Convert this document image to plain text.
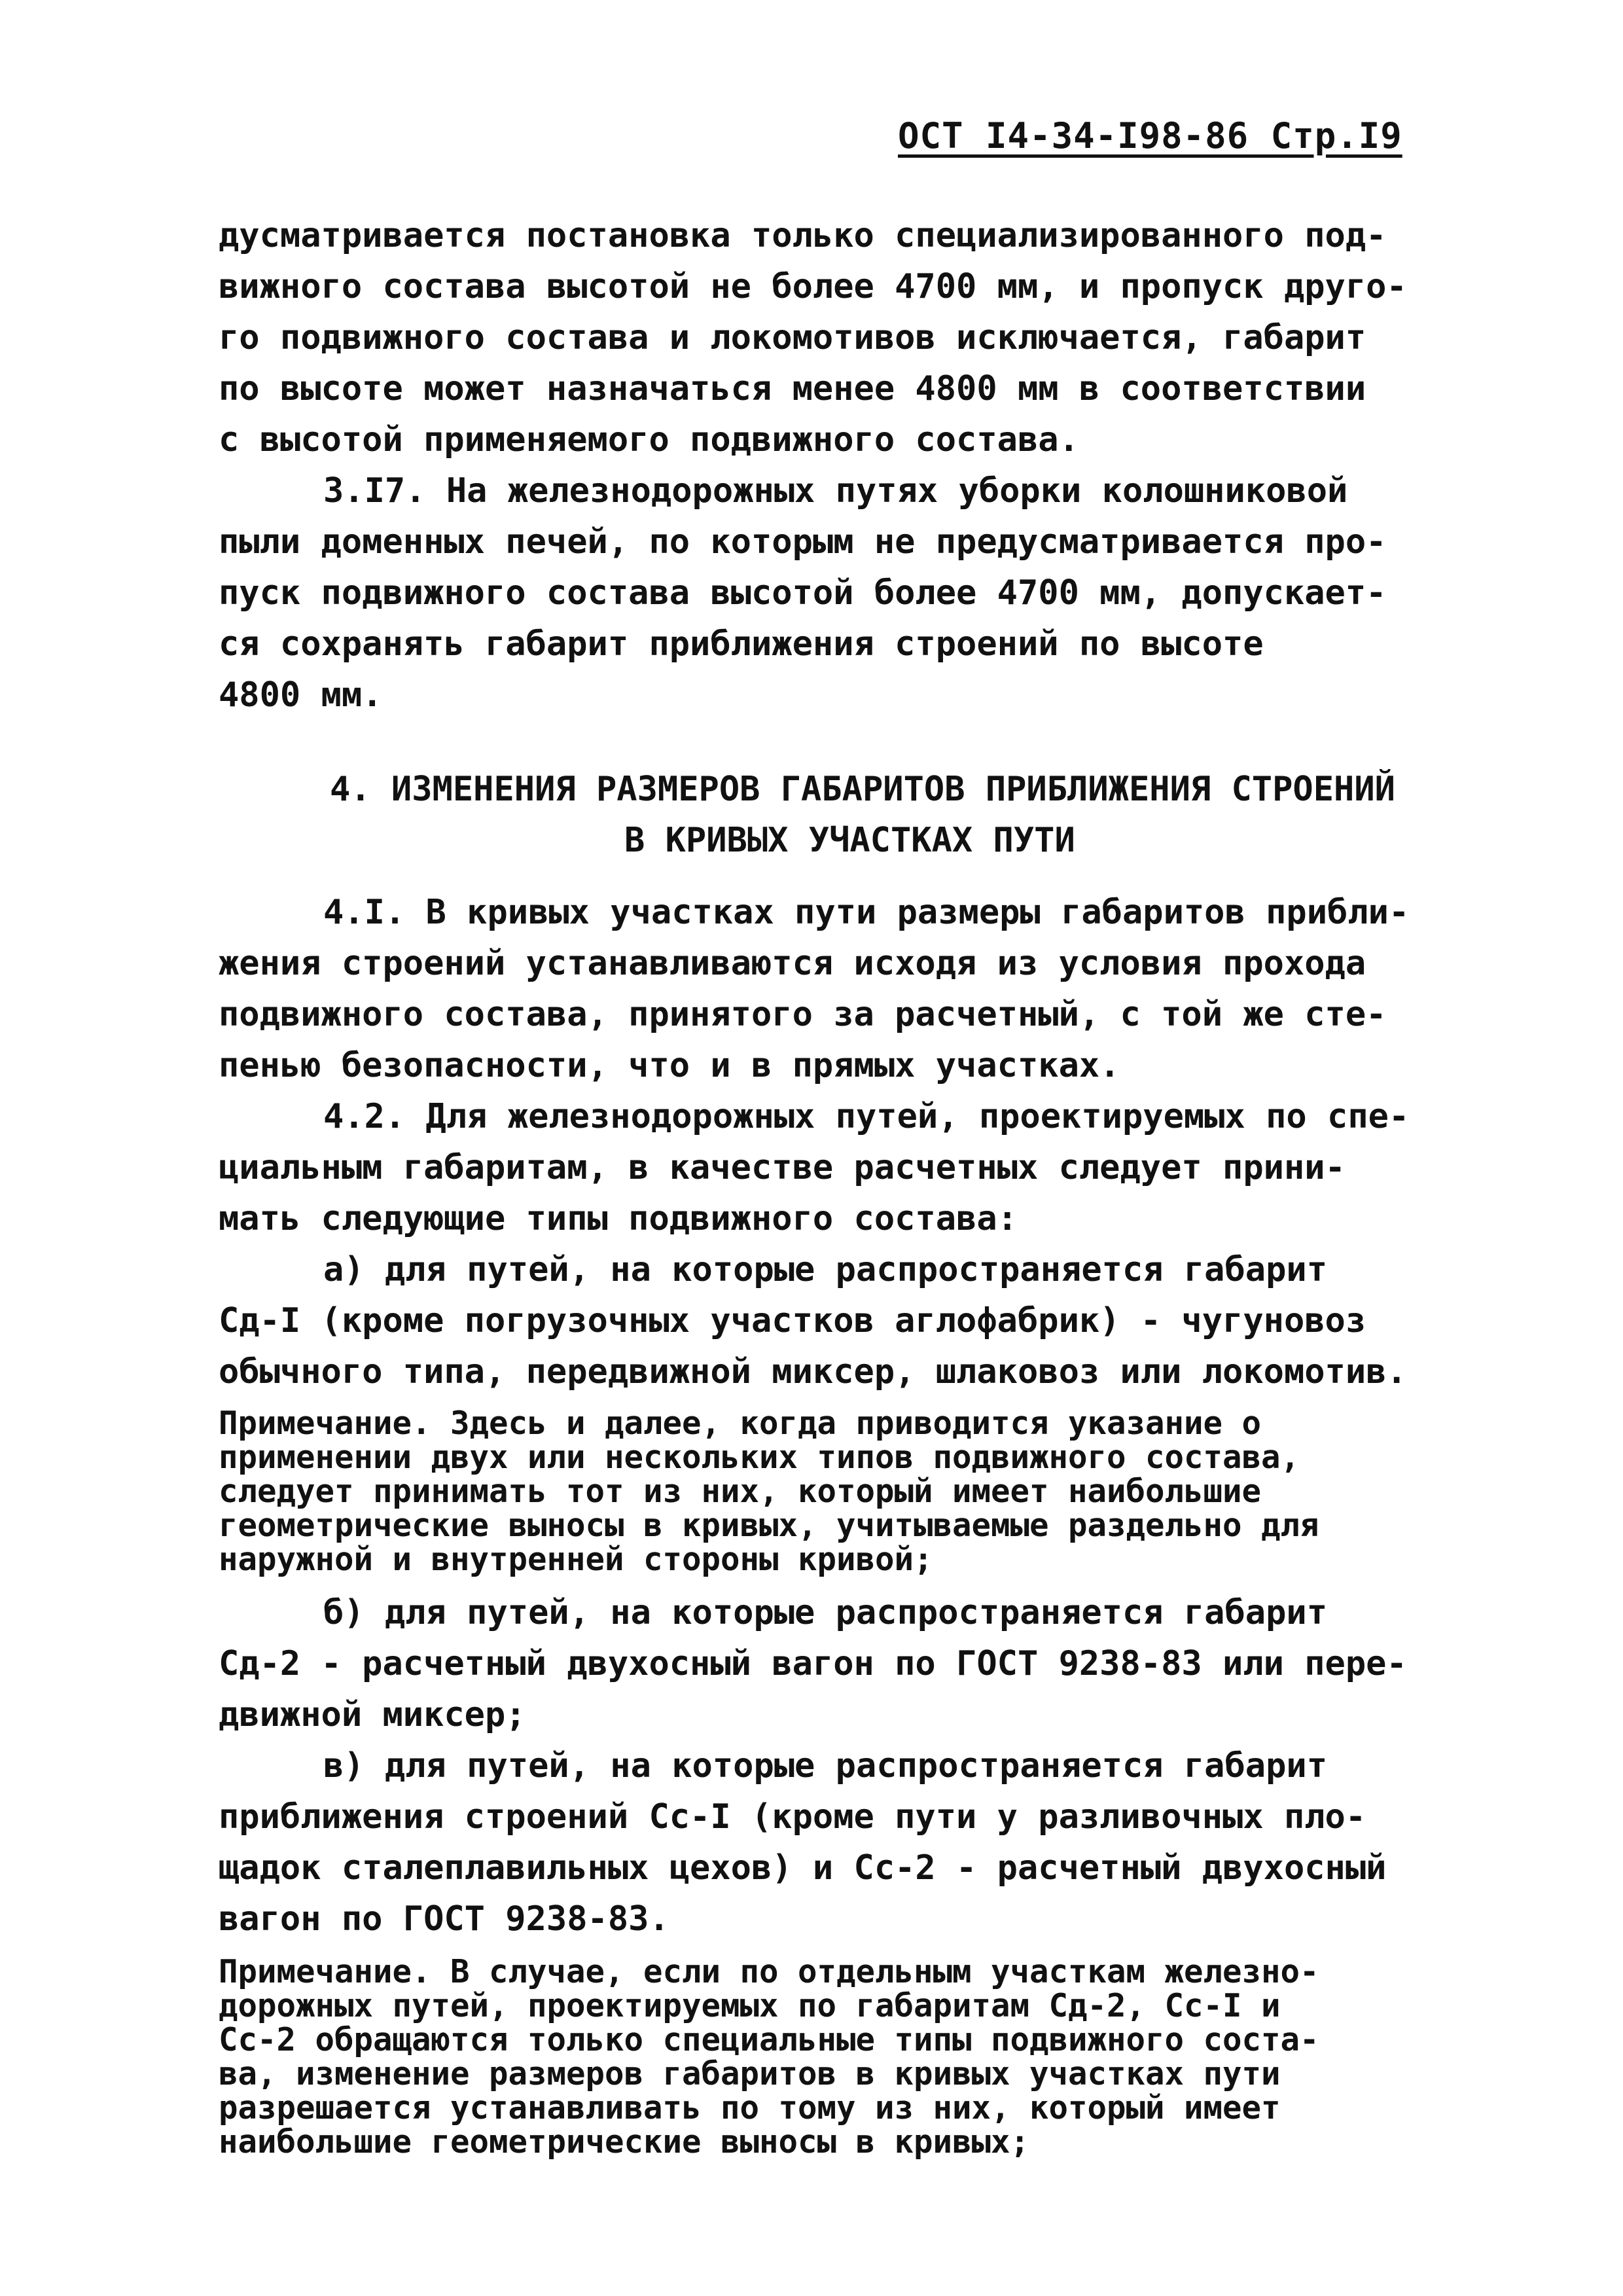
ОСТ I4-34-I98-86 Стр.I9
дусматривается постановка только специализированного под-
вижного состава высотой не более 4700 мм, и пропуск друго-
го подвижного состава и локомотивов исключается, габарит
по высоте может назначаться менее 4800 мм в соответствии
с высотой применяемого подвижного состава.
3.I7. На железнодорожных путях уборки колошниковой
пыли доменных печей, по которым не предусматривается про-
пуск подвижного состава высотой более 4700 мм, допускает-
ся сохранять габарит приближения строений по высоте
4800 мм.
4. ИЗМЕНЕНИЯ РАЗМЕРОВ ГАБАРИТОВ ПРИБЛИЖЕНИЯ СТРОЕНИЙ
В КРИВЫХ УЧАСТКАХ ПУТИ
4.I. В кривых участках пути размеры габаритов прибли-
жения строений устанавливаются исходя из условия прохода
подвижного состава, принятого за расчетный, с той же сте-
пенью безопасности, что и в прямых участках.
4.2. Для железнодорожных путей, проектируемых по спе-
циальным габаритам, в качестве расчетных следует прини-
мать следующие типы подвижного состава:
а) для путей, на которые распространяется габарит
Сд-I (кроме погрузочных участков аглофабрик) - чугуновоз
обычного типа, передвижной миксер, шлаковоз или локомотив.
Примечание. Здесь и далее, когда приводится указание о
применении двух или нескольких типов подвижного состава,
следует принимать тот из них, который имеет наибольшие
геометрические выносы в кривых, учитываемые раздельно для
наружной и внутренней стороны кривой;
б) для путей, на которые распространяется габарит
Сд-2 - расчетный двухосный вагон по ГОСТ 9238-83 или пере-
движной миксер;
в) для путей, на которые распространяется габарит
приближения строений Сс-I (кроме пути у разливочных пло-
щадок сталеплавильных цехов) и Сс-2 - расчетный двухосный
вагон по ГОСТ 9238-83.
Примечание. В случае, если по отдельным участкам железно-
дорожных путей, проектируемых по габаритам Сд-2, Сс-I и
Сс-2 обращаются только специальные типы подвижного соста-
ва, изменение размеров габаритов в кривых участках пути
разрешается устанавливать по тому из них, который имеет
наибольшие геометрические выносы в кривых;
